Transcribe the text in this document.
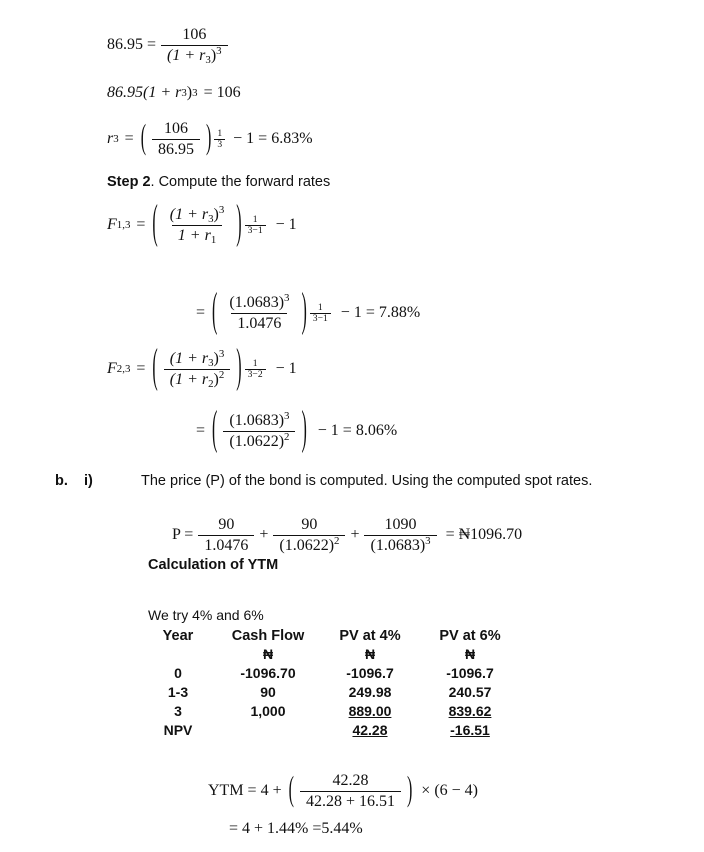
$86.95 = \frac{106}{(1 + r_3)^3}$
86.95(1 + r 3 ) 3 = 106
r 3 = ( $\frac{106}{86.95}$ ) $\frac{1}{3} - 1 = 6.83\%$
Step 2 . Compute the forward rates
F 1,3 = ( $\frac{(1 + r_3)^3}{1 + r_1}$ ) $\frac{1}{3-1} - 1$
= ( $\frac{(1.0683)^3}{1.0476}$ ) $\frac{1}{3-1} - 1 = 7.88\%$
F 2,3 = ( $\frac{(1 + r_3)^3}{(1 + r_2)^2}$ ) $\frac{1}{3-2} - 1$
= ( $\frac{(1.0683)^3}{(1.0622)^2}$ ) − 1 = 8.06%
b. i)	The price (P) of the bond is computed. Using the computed spot rates.
$P = \frac{90}{1.0476} + \frac{90}{(1.0622)^2} + \frac{1090}{(1.0683)^3}$ = ₦1096.70
Calculation of YTM
We try 4% and 6%
Year	Cash Flow	PV at 4%	PV at 6%
	₦	₦	₦
0	-1096.70	-1096.7	-1096.7
1-3	90	249.98	240.57
3	1,000	889.00	839.62
NPV		42.28	-16.51
YTM = 4 + ( $\frac{42.28}{42.28 + 16.51}$ ) × (6 − 4)
= 4 + 1.44% =5.44%
